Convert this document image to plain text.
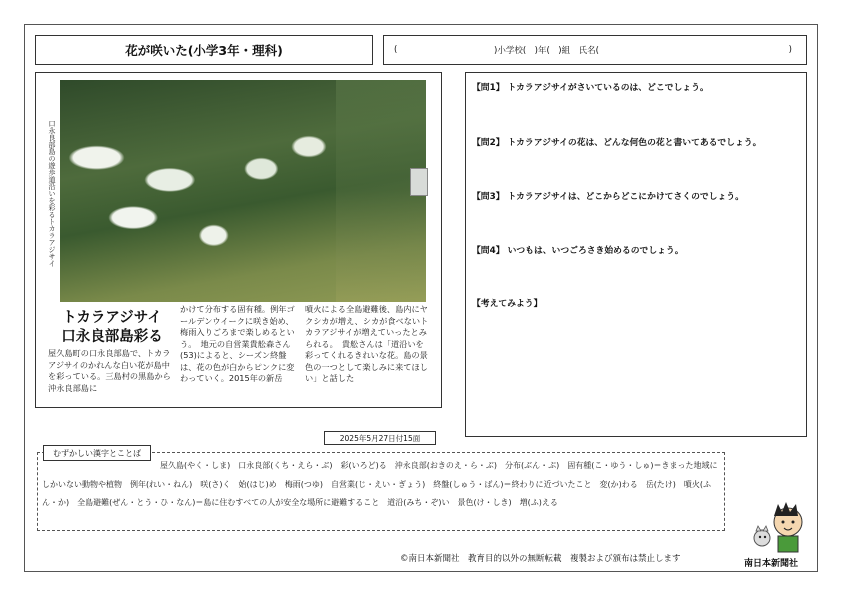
花が咲いた(小学3年・理科)	(	)小学校(　)年(　)組　氏名(	)
口永良部島の遊歩道沿いを彩るトカラアジサイ
トカラアジサイ
口永良部島彩る
屋久島町の口永良部島で、トカラアジサイのかれんな白い花が島中を彩っている。三島村の黒島から沖永良部島に
かけて分布する固有種。例年ゴールデンウイークに咲き始め、梅雨入りごろまで楽しめるという。　地元の自営業貴舩森さん(53)によると、シーズン終盤は、花の色が白からピンクに変わっていく。2015年の新岳
噴火による全島避難後、島内にヤクシカが増え、シカが食べないトカラアジサイが増えていったとみられる。　貴舩さんは「道沿いを彩ってくれるきれいな花。島の景色の一つとして楽しみに来てほしい」と話した
2025年5月27日付15面
【問1】 トカラアジサイがさいているのは、どこでしょう。
【問2】 トカラアジサイの花は、どんな何色の花と書いてあるでしょう。
【問3】 トカラアジサイは、どこからどこにかけてさくのでしょう。
【問4】 いつもは、いつごろさき始めるのでしょう。
【考えてみよう】
むずかしい漢字とことば
屋久島(やく・しま)　口永良部(くち・えら・ぶ)　彩(いろど)る　沖永良部(おきのえ・ら・ぶ)　分布(ぶん・ぷ)　固有種(こ・ゆう・しゅ)＝きまった地域にしかいない動物や植物　例年(れい・ねん)　咲(さ)く　始(はじ)め　梅雨(つゆ)　自営業(じ・えい・ぎょう)　終盤(しゅう・ばん)＝終わりに近づいたこと　変(か)わる　岳(たけ)　噴火(ふん・か)　全島避難(ぜん・とう・ひ・なん)＝島に住むすべての人が安全な場所に避難すること　道沿(みち・ぞ)い　景色(け・しき)　増(ふ)える
©南日本新聞社　教育目的以外の無断転載　複製および頒布は禁止します	南日本新聞社
